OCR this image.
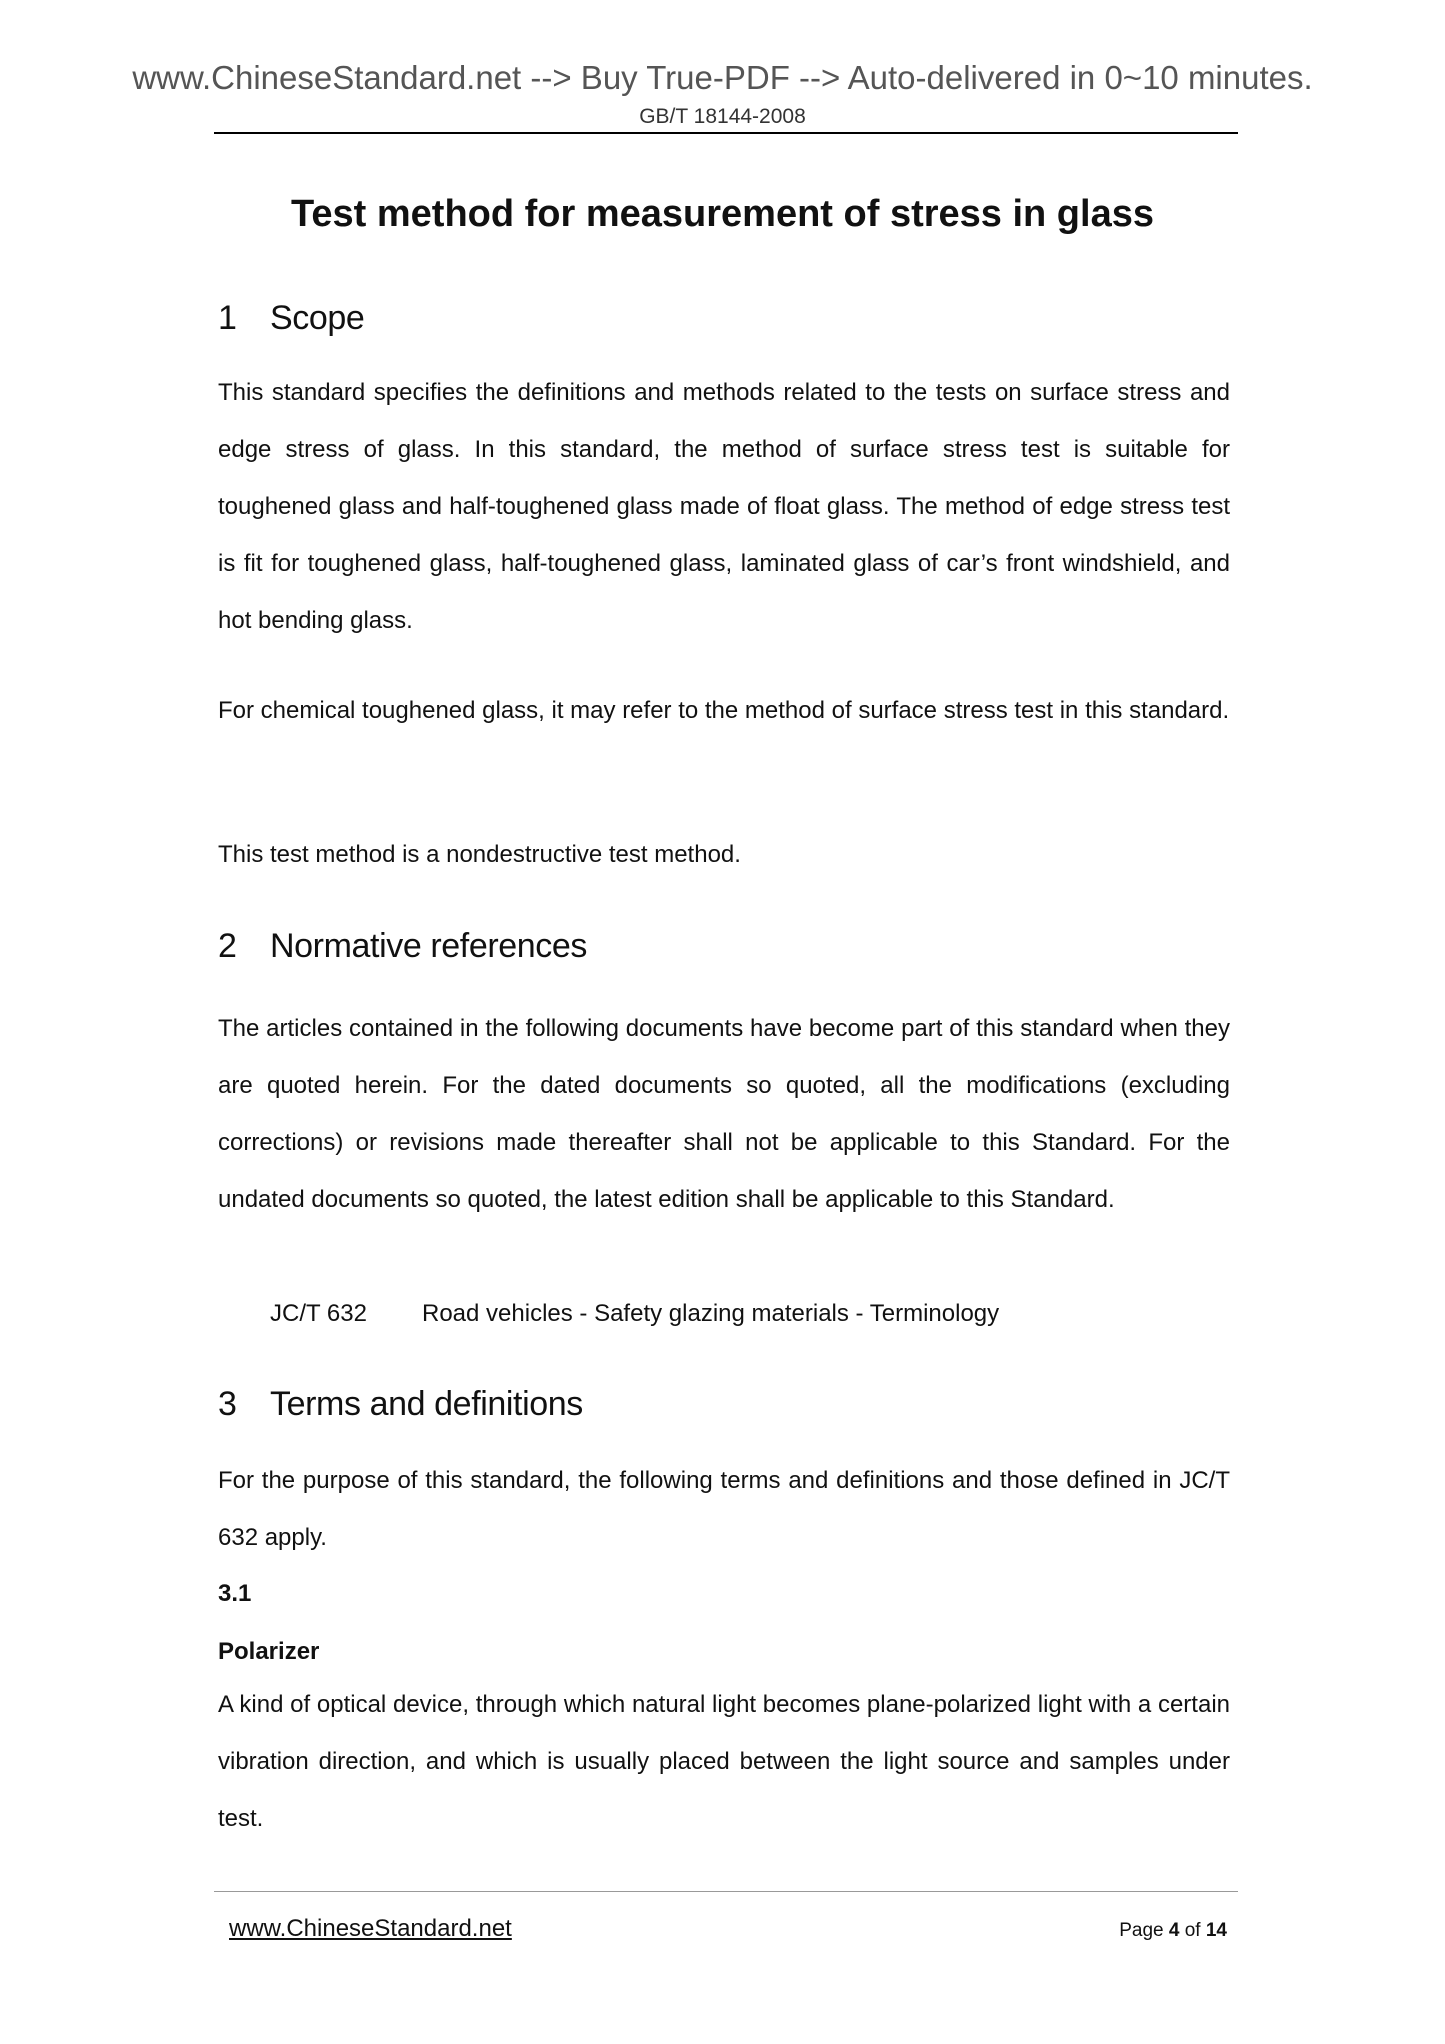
www.ChineseStandard.net --> Buy True-PDF --> Auto-delivered in 0~10 minutes.
GB/T 18144-2008
Test method for measurement of stress in glass
1 Scope
This standard specifies the definitions and methods related to the tests on surface stress and edge stress of glass. In this standard, the method of surface stress test is suitable for toughened glass and half-toughened glass made of float glass. The method of edge stress test is fit for toughened glass, half-toughened glass, laminated glass of car’s front windshield, and hot bending glass.
For chemical toughened glass, it may refer to the method of surface stress test in this standard.
This test method is a nondestructive test method.
2 Normative references
The articles contained in the following documents have become part of this standard when they are quoted herein. For the dated documents so quoted, all the modifications (excluding corrections) or revisions made thereafter shall not be applicable to this Standard. For the undated documents so quoted, the latest edition shall be applicable to this Standard.
JC/T 632 Road vehicles - Safety glazing materials - Terminology
3 Terms and definitions
For the purpose of this standard, the following terms and definitions and those defined in JC/T 632 apply.
3.1
Polarizer
A kind of optical device, through which natural light becomes plane-polarized light with a certain vibration direction, and which is usually placed between the light source and samples under test.
www.ChineseStandard.net	Page 4 of 14
